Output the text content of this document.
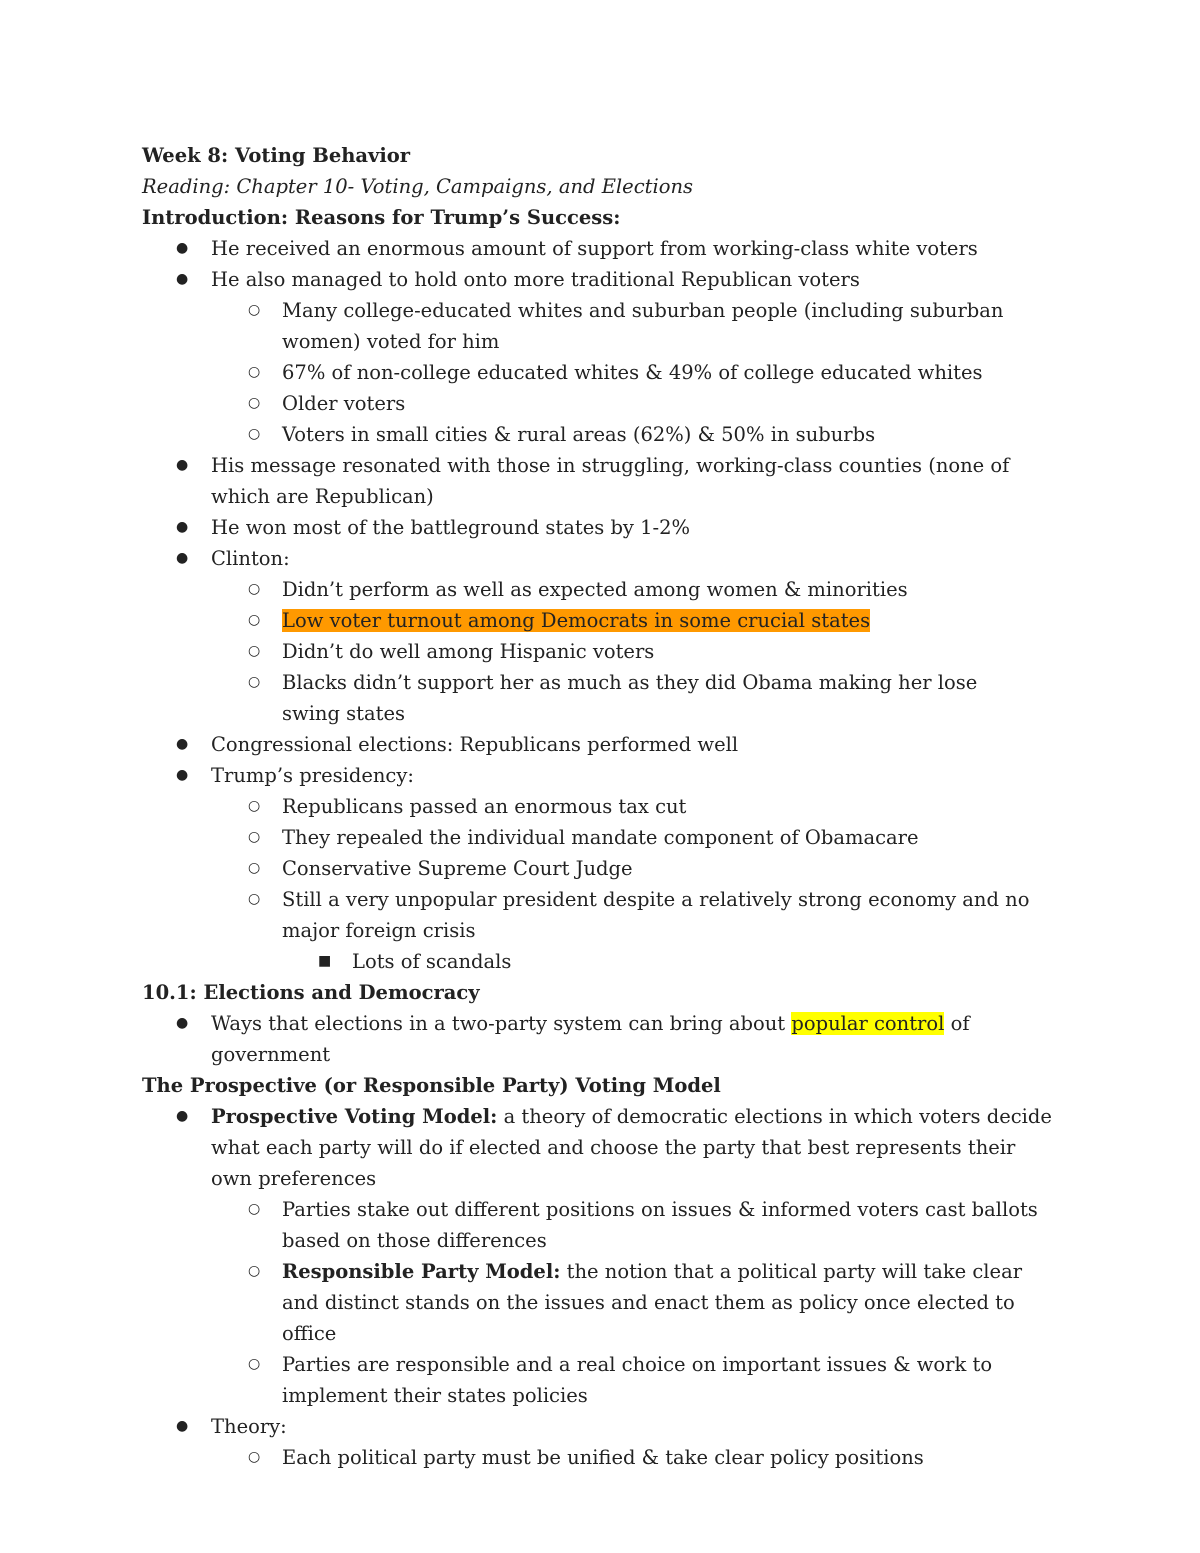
Week 8: Voting Behavior
Reading: Chapter 10- Voting, Campaigns, and Elections
Introduction: Reasons for Trump’s Success:
● He received an enormous amount of support from working-class white voters
● He also managed to hold onto more traditional Republican voters
○ Many college-educated whites and suburban people (including suburban women) voted for him
○ 67% of non-college educated whites & 49% of college educated whites
○ Older voters
○ Voters in small cities & rural areas (62%) & 50% in suburbs
● His message resonated with those in struggling, working-class counties (none of which are Republican)
● He won most of the battleground states by 1-2%
● Clinton:
○ Didn’t perform as well as expected among women & minorities
○ Low voter turnout among Democrats in some crucial states
○ Didn’t do well among Hispanic voters
○ Blacks didn’t support her as much as they did Obama making her lose swing states
● Congressional elections: Republicans performed well
● Trump’s presidency:
○ Republicans passed an enormous tax cut
○ They repealed the individual mandate component of Obamacare
○ Conservative Supreme Court Judge
○ Still a very unpopular president despite a relatively strong economy and no major foreign crisis
■ Lots of scandals
10.1: Elections and Democracy
● Ways that elections in a two-party system can bring about popular control of government
The Prospective (or Responsible Party) Voting Model
● Prospective Voting Model: a theory of democratic elections in which voters decide what each party will do if elected and choose the party that best represents their own preferences
○ Parties stake out different positions on issues & informed voters cast ballots based on those differences
○ Responsible Party Model: the notion that a political party will take clear and distinct stands on the issues and enact them as policy once elected to office
○ Parties are responsible and a real choice on important issues & work to implement their states policies
● Theory:
○ Each political party must be unified & take clear policy positions
